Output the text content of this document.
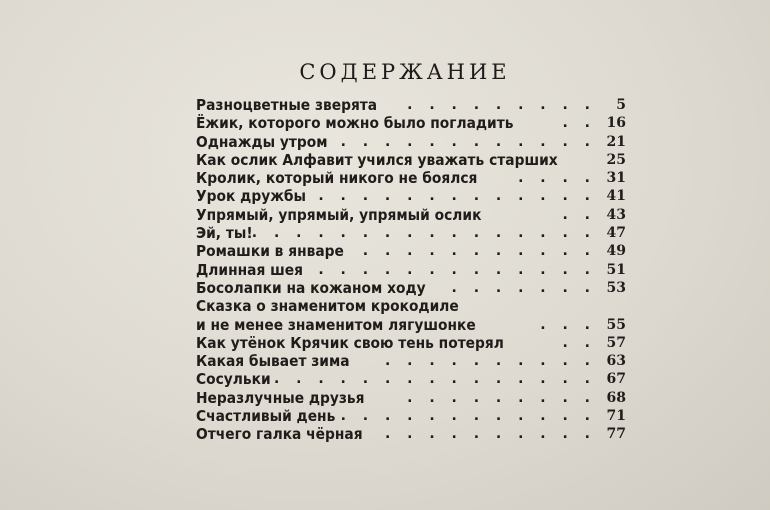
СОДЕРЖАНИЕ
Разноцветные зверята . . . . . . . . . 5
Ёжик, которого можно было погладить	. . 16
Однажды утром . . . . . . . . . . . . 21
Как ослик Алфавит учился уважать старших	25
Кролик, который никого не боялся	. . . . 31
Урок дружбы . . . . . . . . . . . . . 41
Упрямый, упрямый, упрямый ослик	. . 43
Эй, ты! . . . . . . . . . . . . . . . . 47
Ромашки в январе . . . . . . . . . . . 49
Длинная шея . . . . . . . . . . . . . 51
Босолапки на кожаном ходу . . . . . . . 53
Сказка о знаменитом крокодиле
и не менее знаменитом лягушонке	. . . 55
Как утёнок Крячик свою тень потерял	. . 57
Какая бывает зима	. . . . . . . . . . 63
Сосульки . . . . . . . . . . . . . . . 67
Неразлучные друзья	. . . . . . . . . 68
Счастливый день . . . . . . . . . . . . 71
Отчего галка чёрная . . . . . . . . . . 77
